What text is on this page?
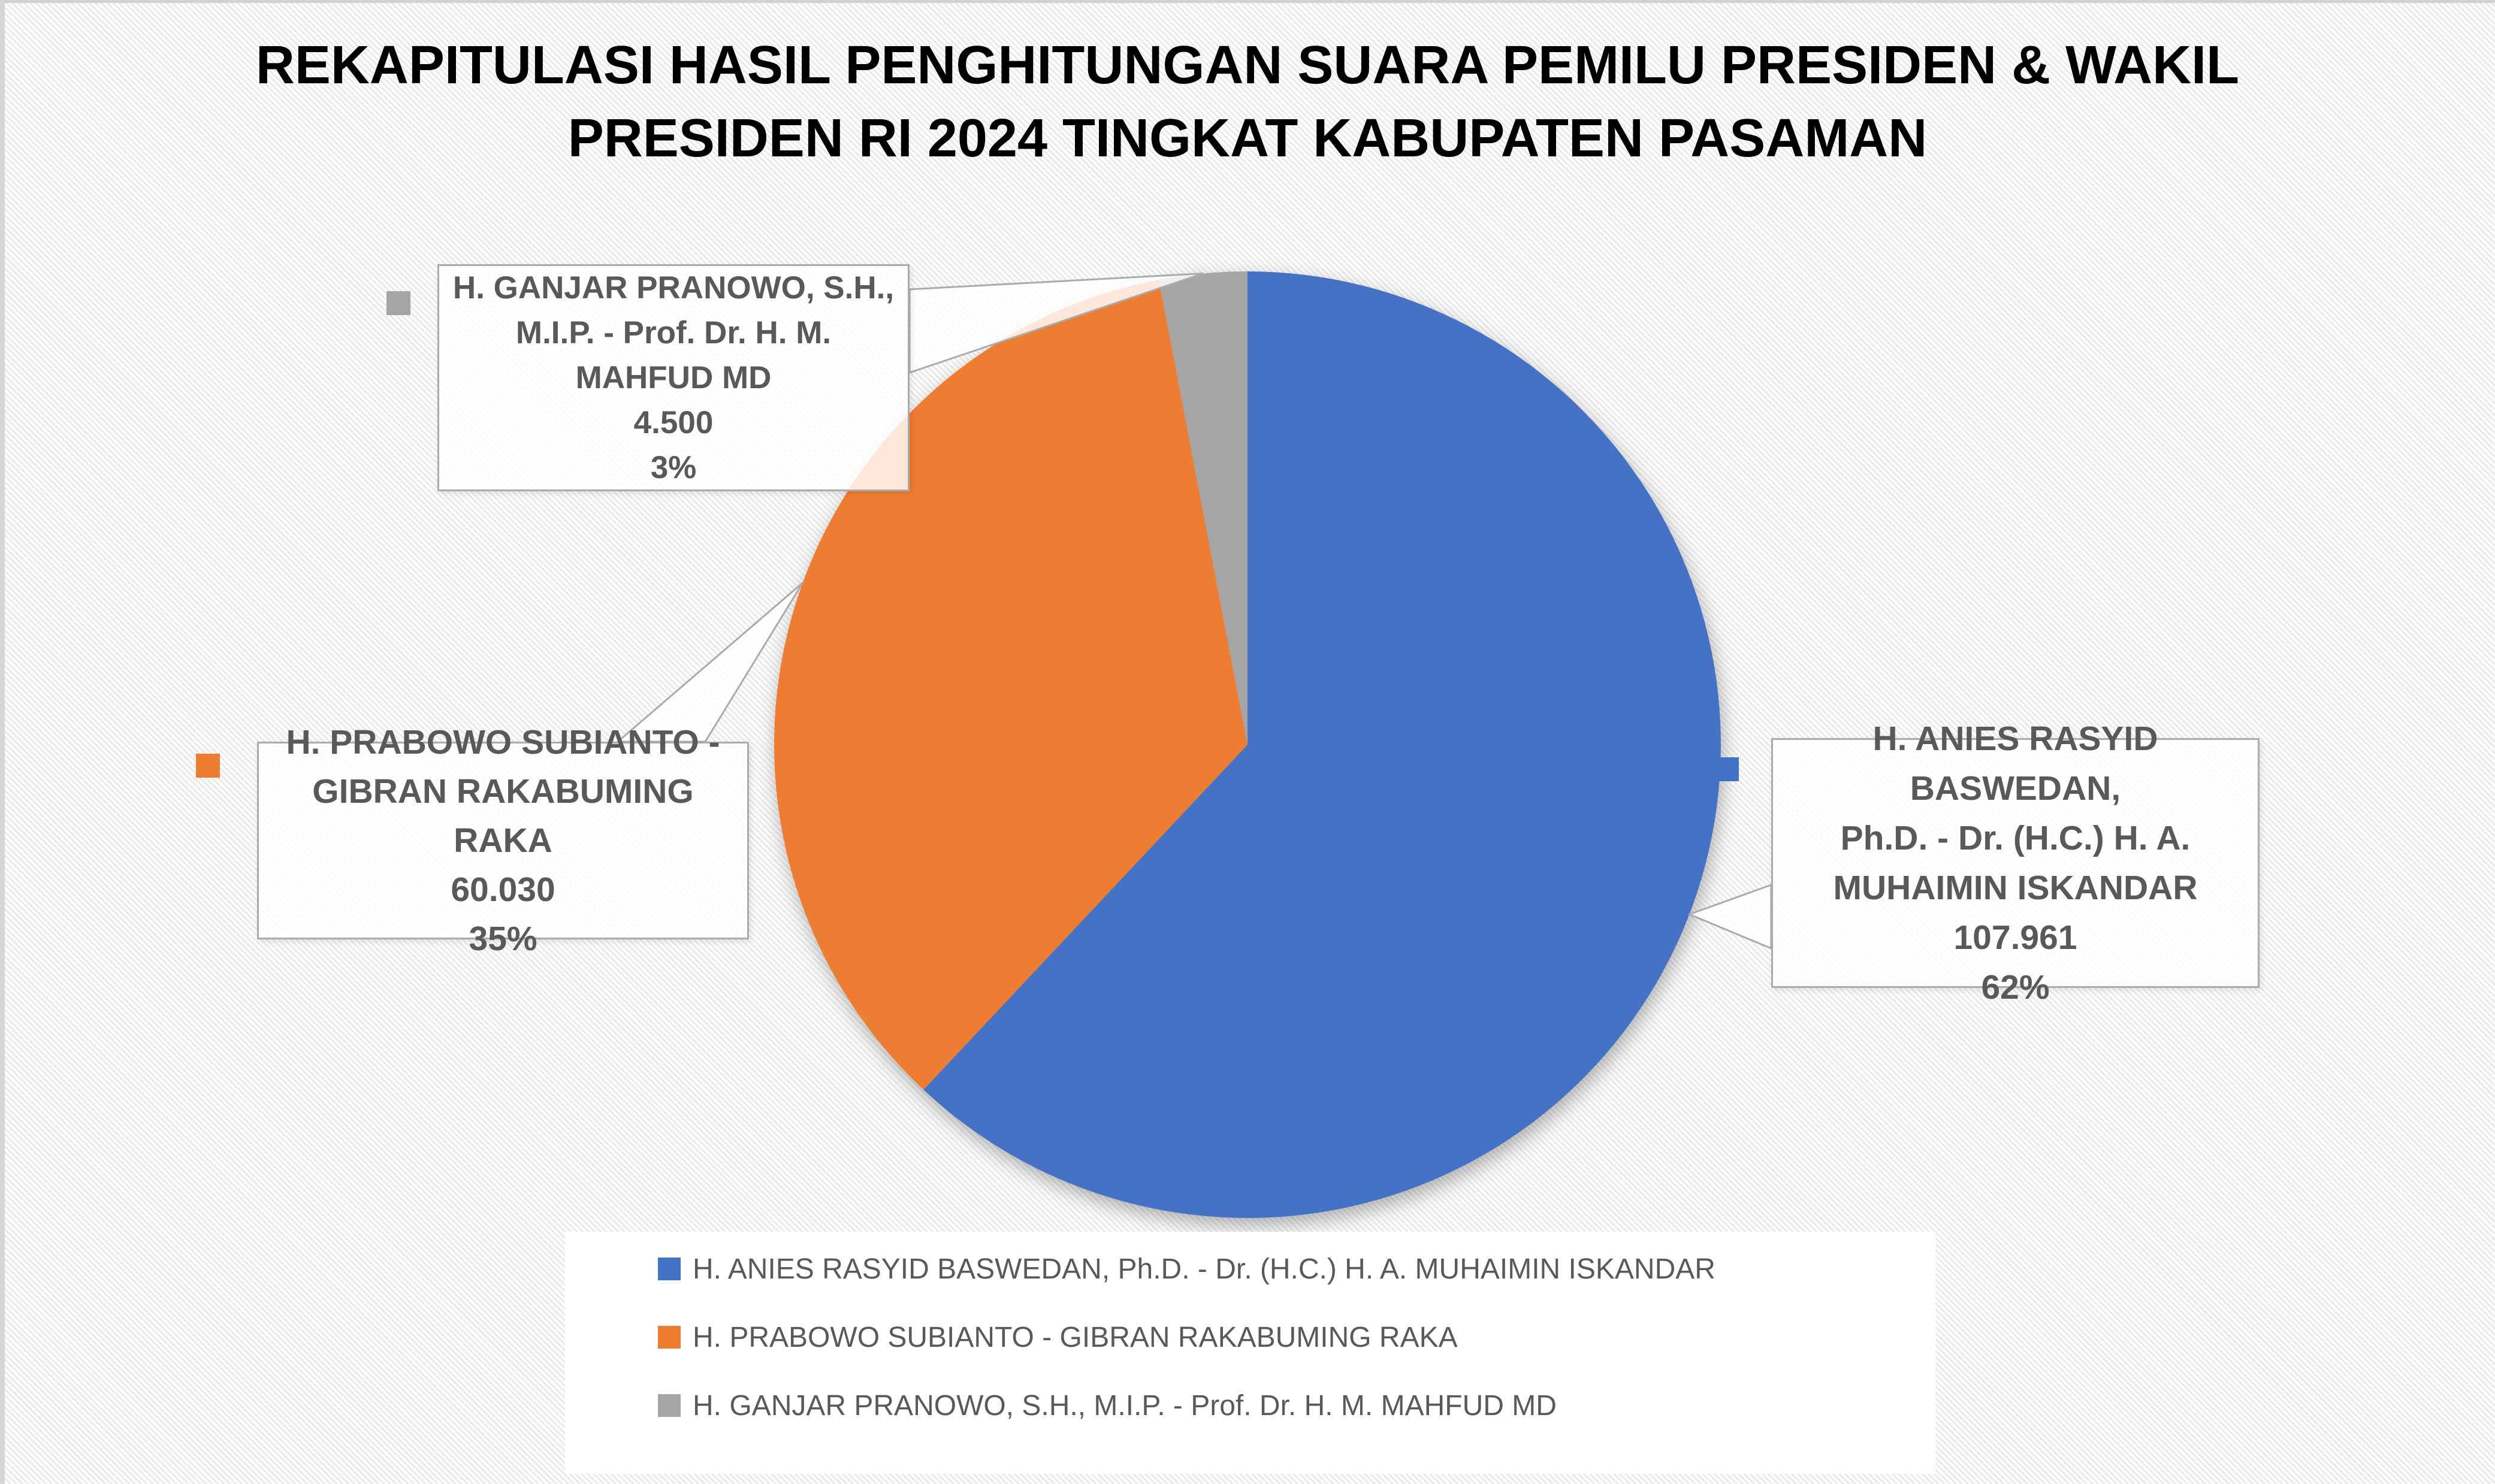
REKAPITULASI HASIL PENGHITUNGAN SUARA PEMILU PRESIDEN & WAKIL
PRESIDEN RI 2024 TINGKAT KABUPATEN PASAMAN
H. ANIES RASYID BASWEDAN,
Ph.D. - Dr. (H.C.) H. A.
MUHAIMIN ISKANDAR
107.961
62%
H. PRABOWO SUBIANTO -
GIBRAN RAKABUMING RAKA
60.030
35%
H. GANJAR PRANOWO, S.H.,
M.I.P. - Prof. Dr. H. M.
MAHFUD MD
4.500
3%
H. ANIES RASYID BASWEDAN, Ph.D. - Dr. (H.C.) H. A. MUHAIMIN ISKANDAR
H. PRABOWO SUBIANTO - GIBRAN RAKABUMING RAKA
H. GANJAR PRANOWO, S.H., M.I.P. - Prof. Dr. H. M. MAHFUD MD
